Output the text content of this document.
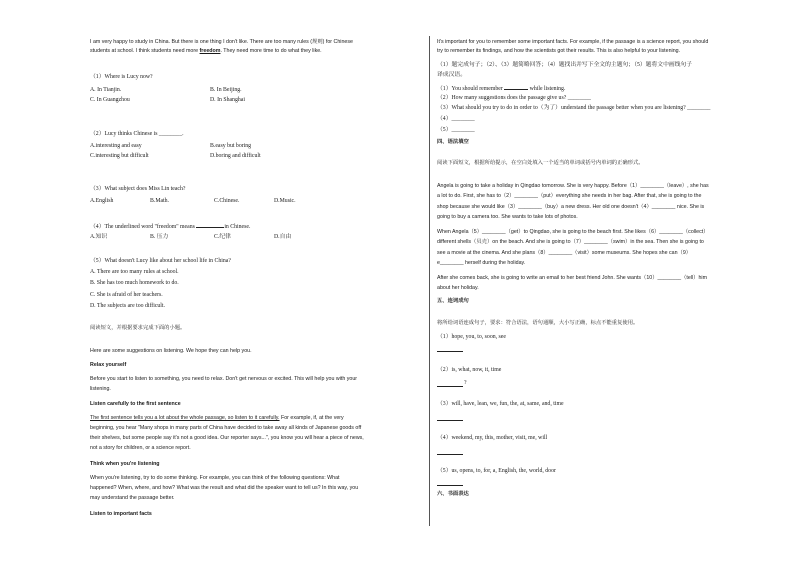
I am very happy to study in China. But there is one thing I don't like. There are too many rules (规则) for Chinese
students at school. I think students need more freedom. They need more time to do what they like.
（1）Where is Lucy now?
A. In Tianjin.	B. In Beijing.
C. In Guangzhou	D. In Shanghai
（2）Lucy thinks Chinese is ________.
A.interesting and easy	B.easy but boring
C.interesting but difficult	D.boring and difficult
（3）What subject does Miss Lin teach?
A.English	B.Math.	C.Chinese.	D.Music.
（4）The underlined word "freedom" means	in Chinese.
A.知识	B. 压力	C.纪律	D.自由
（5）What doesn't Lucy like about her school life in China?
A. There are too many rules at school.
B. She has too much homework to do.
C. She is afraid of her teachers.
D. The subjects are too difficult.
阅读短文，并根据要求完成下面的小题。
Here are some suggestions on listening. We hope they can help you.
Relax yourself
Before you start to listen to something, you need to relax. Don't get nervous or excited. This will help you with your
listening.
Listen carefully to the first sentence
The first sentence tells you a lot about the whole passage, so listen to it carefully. For example, if, at the very
beginning, you hear "Many shops in many parts of China have decided to take away all kinds of Japanese goods off
their shelves, but some people say it's not a good idea. Our reporter says...", you know you will hear a piece of news,
not a story for children, or a science report.
Think when you're listening
When you're listening, try to do some thinking. For example, you can think of the following questions: What
happened? When, where, and how? What was the result and what did the speaker want to tell us? In this way, you
may understand the passage better.
Listen to important facts
It's important for you to remember some important facts. For example, if the passage is a science report, you should
try to remember its findings, and how the scientists got their results. This is also helpful to your listening.
（1）题完成句子；（2）、（3）题简略回答；（4）题找出并写下全文的主题句；（5）题将文中画线句子
译成汉语。
（1）You should remember	while listening.
（2）How many suggestions does the passage give us? ________
（3）What should you try to do in order to（为了）understand the passage better when you are listening? ________
（4）________
（5）________
四、语法填空
阅读下面短文，根据所给提示，在空白处填入一个适当的单词或括号内单词的正确形式。
Angela is going to take a holiday in Qingdao tomorrow. She is very happy. Before（1）________（leave）, she has
a lot to do. First, she has to（2）________（put）everything she needs in her bag. After that, she is going to the
shop because she would like（3）________（buy）a new dress. Her old one doesn't（4）________ nice. She is
going to buy a camera too. She wants to take lots of photos.
When Angela（5）________（get）to Qingdao, she is going to the beach first. She likes（6）________（collect）
different shells（贝壳）on the beach. And she is going to（7）________（swim）in the sea. Then she is going to
see a movie at the cinema. And she plans（8）________（visit）some museums. She hopes she can（9）
e________ herself during the holiday.
After she comes back, she is going to write an email to her best friend John. She wants（10）________（tell）him
about her holiday.
五、连词成句
将所给词语连成句子，要求：符合语法，语句通顺，大小写正确，标点不能重复使用。
（1）hope, you, to, soon, see
（2）is, what, now, it, time
?
（3）will, have, lean, we, fun, the, at, same, and, time
（4）weekend, my, this, mother, visit, me, will
（5）us, opens, to, for, a, English, the, world, door
六、书面表达
